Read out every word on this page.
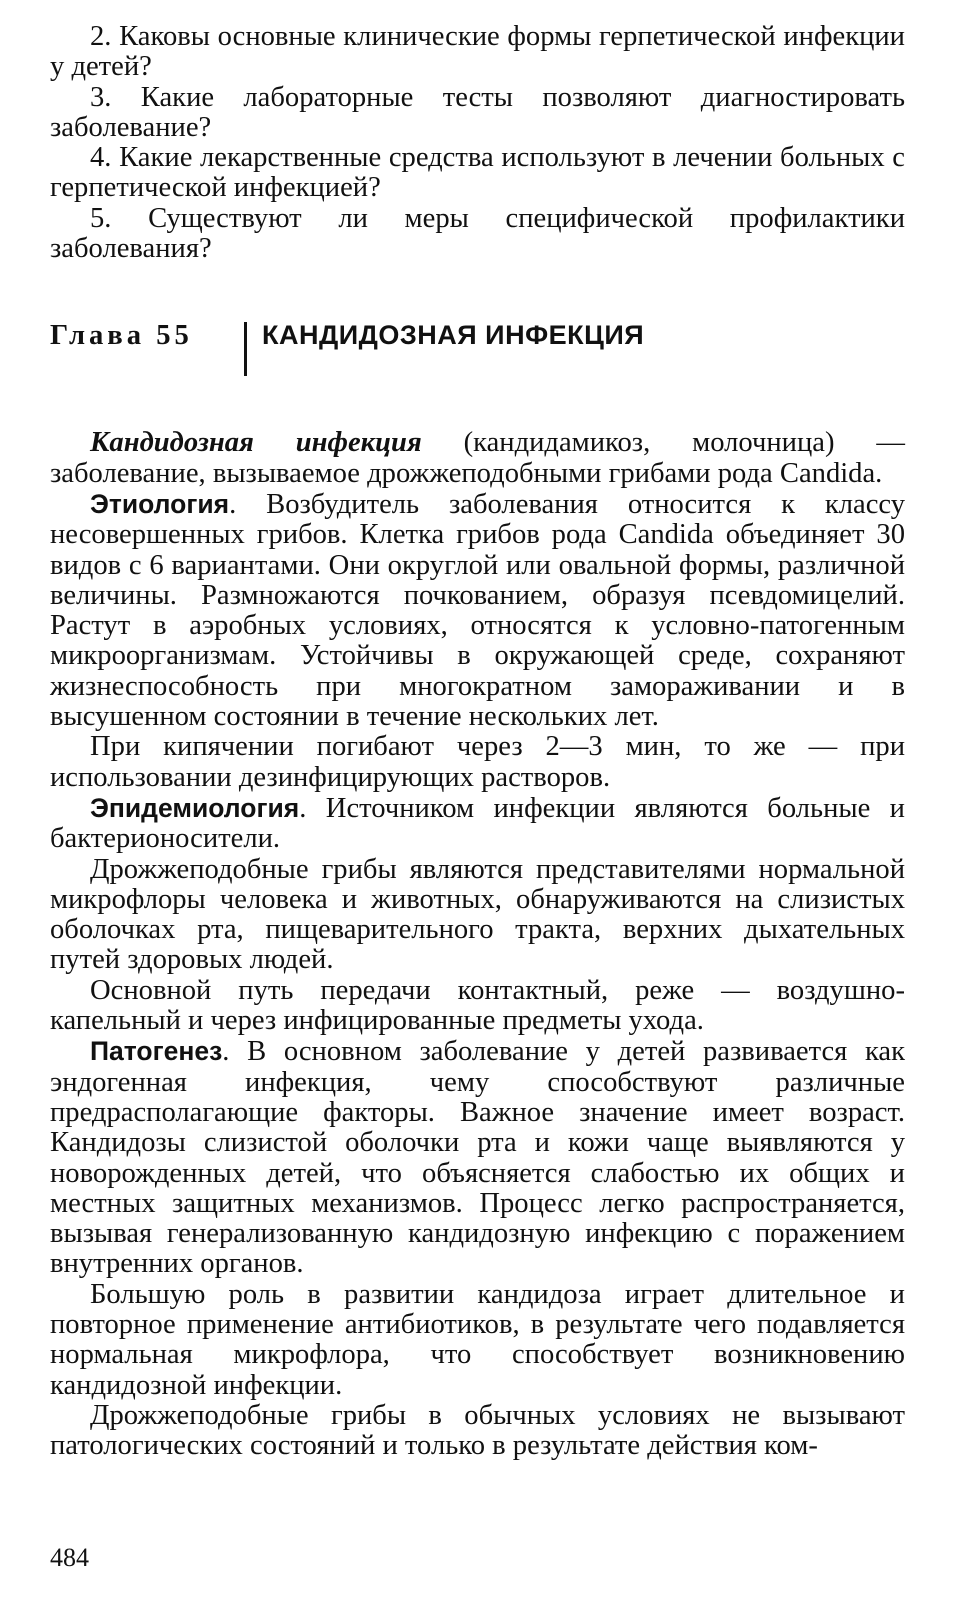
2. Каковы основные клинические формы герпетической инфекции у детей?

3. Какие лабораторные тесты позволяют диагностировать заболевание?

4. Какие лекарственные средства используют в лечении больных с герпетической инфекцией?

5. Существуют ли меры специфической профилактики заболевания?

Глава 55	КАНДИДОЗНАЯ ИНФЕКЦИЯ

Кандидозная инфекция (кандидамикоз, молочница) —заболевание, вызываемое дрожжеподобными грибами рода Candida.

Этиология. Возбудитель заболевания относится к классу несовершенных грибов. Клетка грибов рода Candida объединяет 30 видов с 6 вариантами. Они округлой или овальной формы, различной величины. Размножаются почкованием, образуя псевдомицелий. Растут в аэробных условиях, относятся к условно-патогенным микроорганизмам. Устойчивы в окружающей среде, сохраняют жизнеспособность при многократном замораживании и в высушенном состоянии в течение нескольких лет.

При кипячении погибают через 2—3 мин, то же — при использовании дезинфицирующих растворов.

Эпидемиология. Источником инфекции являются больные и бактерионосители.

Дрожжеподобные грибы являются представителями нормальной микрофлоры человека и животных, обнаруживаются на слизистых оболочках рта, пищеварительного тракта, верхних дыхательных путей здоровых людей.

Основной путь передачи контактный, реже — воздушно-капельный и через инфицированные предметы ухода.

Патогенез. В основном заболевание у детей развивается как эндогенная инфекция, чему способствуют различные предрасполагающие факторы. Важное значение имеет возраст. Кандидозы слизистой оболочки рта и кожи чаще выявляются у новорожденных детей, что объясняется слабостью их общих и местных защитных механизмов. Процесс легко распространяется, вызывая генерализованную кандидозную инфекцию с поражением внутренних органов.

Большую роль в развитии кандидоза играет длительное и повторное применение антибиотиков, в результате чего подавляется нормальная микрофлора, что способствует возникновению кандидозной инфекции.

Дрожжеподобные грибы в обычных условиях не вызывают патологических состояний и только в результате действия ком-

484
